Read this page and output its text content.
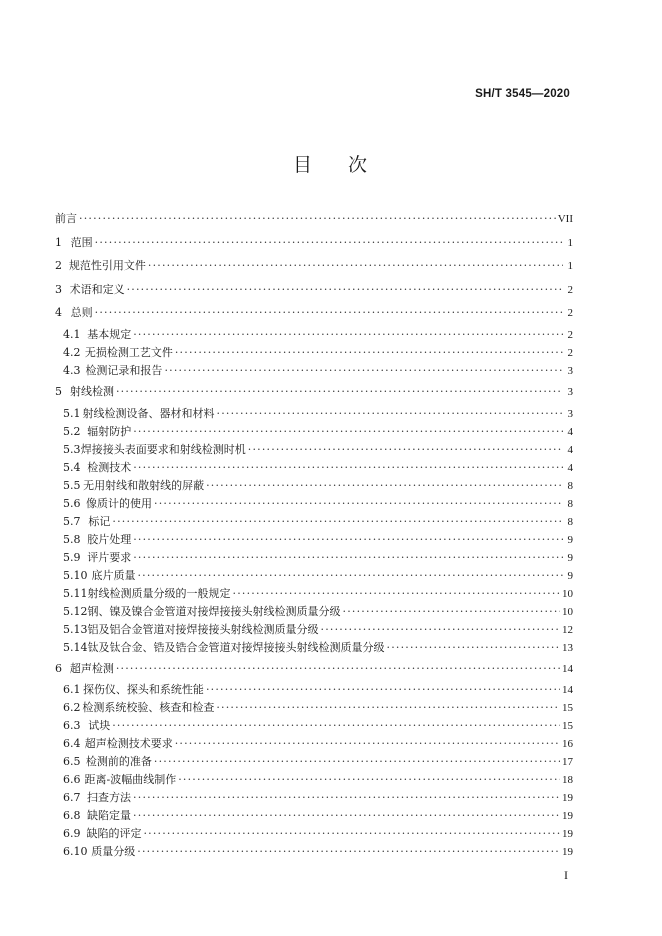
SH/T 3545—2020
目 次
前言 ·····	VII
1 范围 ·····	1
2 规范性引用文件 ·····	1
3 术语和定义 ·····	2
4 总则 ·····	2
4.1 基本规定 ·····	2
4.2 无损检测工艺文件 ·····	2
4.3 检测记录和报告 ·····	3
5 射线检测 ·····	3
5.1 射线检测设备、器材和材料 ·····	3
5.2 辐射防护 ·····	4
5.3 焊接接头表面要求和射线检测时机 ·····	4
5.4 检测技术 ·····	4
5.5 无用射线和散射线的屏蔽 ·····	8
5.6 像质计的使用 ·····	8
5.7 标记 ·····	8
5.8 胶片处理 ·····	9
5.9 评片要求 ·····	9
5.10 底片质量 ·····	9
5.11 射线检测质量分级的一般规定 ·····	10
5.12 钢、镍及镍合金管道对接焊接接头射线检测质量分级 ·····	10
5.13 铝及铝合金管道对接焊接接头射线检测质量分级 ·····	12
5.14 钛及钛合金、锆及锆合金管道对接焊接接头射线检测质量分级 ·····	13
6 超声检测 ·····	14
6.1 探伤仪、探头和系统性能 ·····	14
6.2 检测系统校验、核查和检查 ·····	15
6.3 试块 ·····	15
6.4 超声检测技术要求 ·····	16
6.5 检测前的准备 ·····	17
6.6 距离-波幅曲线制作 ·····	18
6.7 扫查方法 ·····	19
6.8 缺陷定量 ·····	19
6.9 缺陷的评定 ·····	19
6.10 质量分级 ·····	19
I
